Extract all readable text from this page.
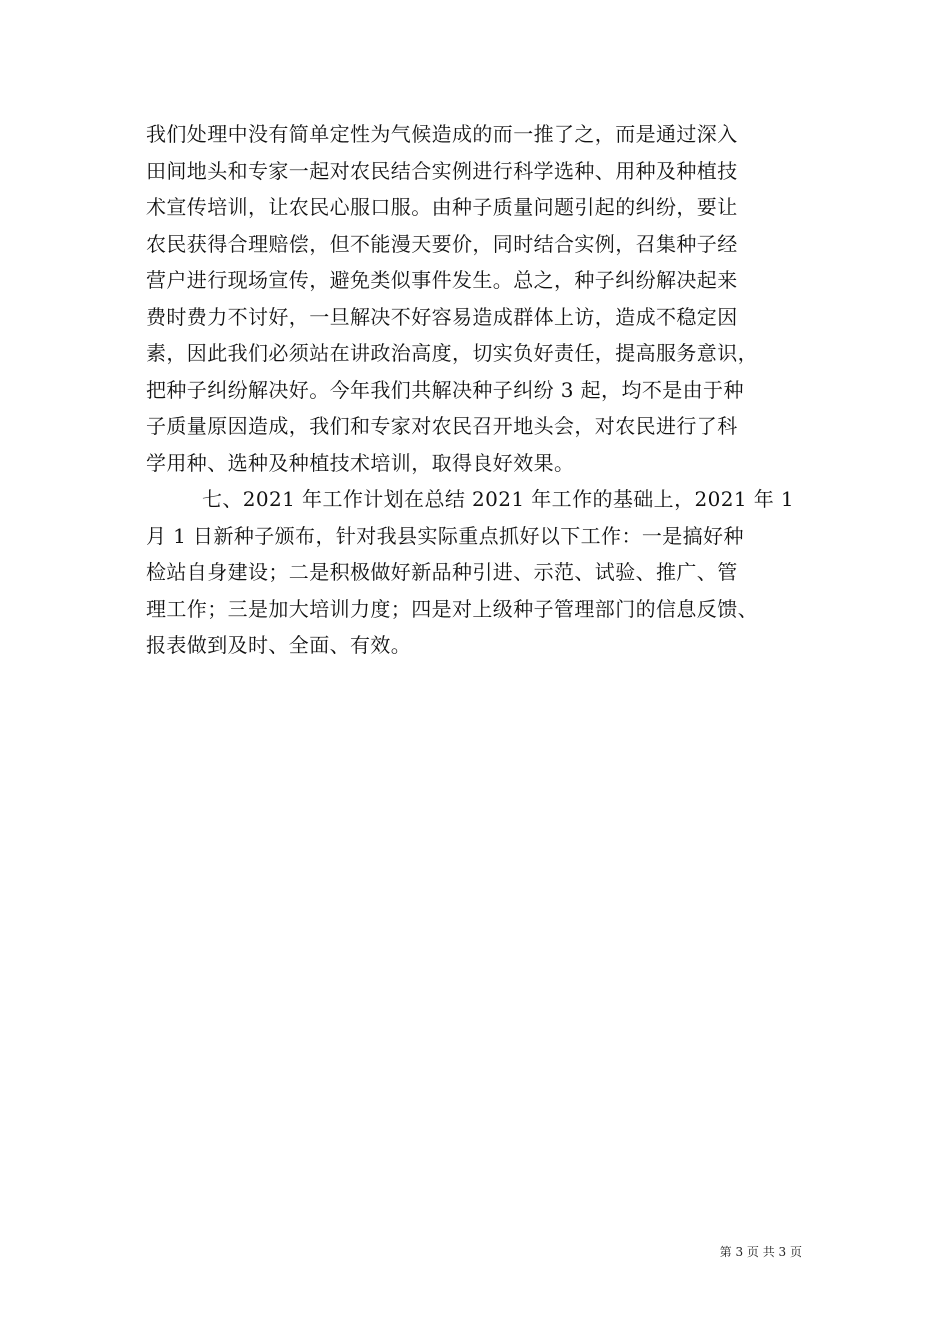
我们处理中没有简单定性为气候造成的而一推了之，而是通过深入
田间地头和专家一起对农民结合实例进行科学选种、用种及种植技
术宣传培训，让农民心服口服。由种子质量问题引起的纠纷，要让
农民获得合理赔偿，但不能漫天要价，同时结合实例，召集种子经
营户进行现场宣传，避免类似事件发生。总之，种子纠纷解决起来
费时费力不讨好，一旦解决不好容易造成群体上访，造成不稳定因
素，因此我们必须站在讲政治高度，切实负好责任，提高服务意识，
把种子纠纷解决好。今年我们共解决种子纠纷 3 起，均不是由于种
子质量原因造成，我们和专家对农民召开地头会，对农民进行了科
学用种、选种及种植技术培训，取得良好效果。
七、2021 年工作计划在总结 2021 年工作的基础上，2021 年 1
月 1 日新种子颁布，针对我县实际重点抓好以下工作：一是搞好种
检站自身建设；二是积极做好新品种引进、示范、试验、推广、管
理工作；三是加大培训力度；四是对上级种子管理部门的信息反馈、
报表做到及时、全面、有效。
第 3 页 共 3 页
